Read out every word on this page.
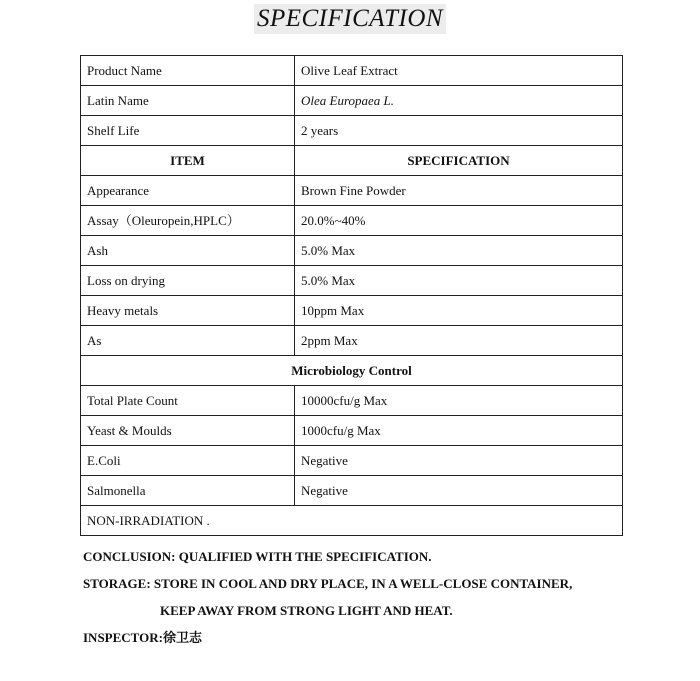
SPECIFICATION
Product Name	Olive Leaf Extract
Latin Name	Olea Europaea L.
Shelf Life	2 years
ITEM	SPECIFICATION
Appearance	Brown Fine Powder
Assay（Oleuropein,HPLC）	20.0%~40%
Ash	5.0% Max
Loss on drying	5.0% Max
Heavy metals	10ppm Max
As	2ppm Max
Microbiology Control	
Total Plate Count	10000cfu/g Max
Yeast & Moulds	1000cfu/g Max
E.Coli	Negative
Salmonella	Negative
NON-IRRADIATION .	
CONCLUSION: QUALIFIED WITH THE SPECIFICATION.
STORAGE: STORE IN COOL AND DRY PLACE, IN A WELL-CLOSE CONTAINER,
KEEP AWAY FROM STRONG LIGHT AND HEAT.
INSPECTOR:徐卫志
